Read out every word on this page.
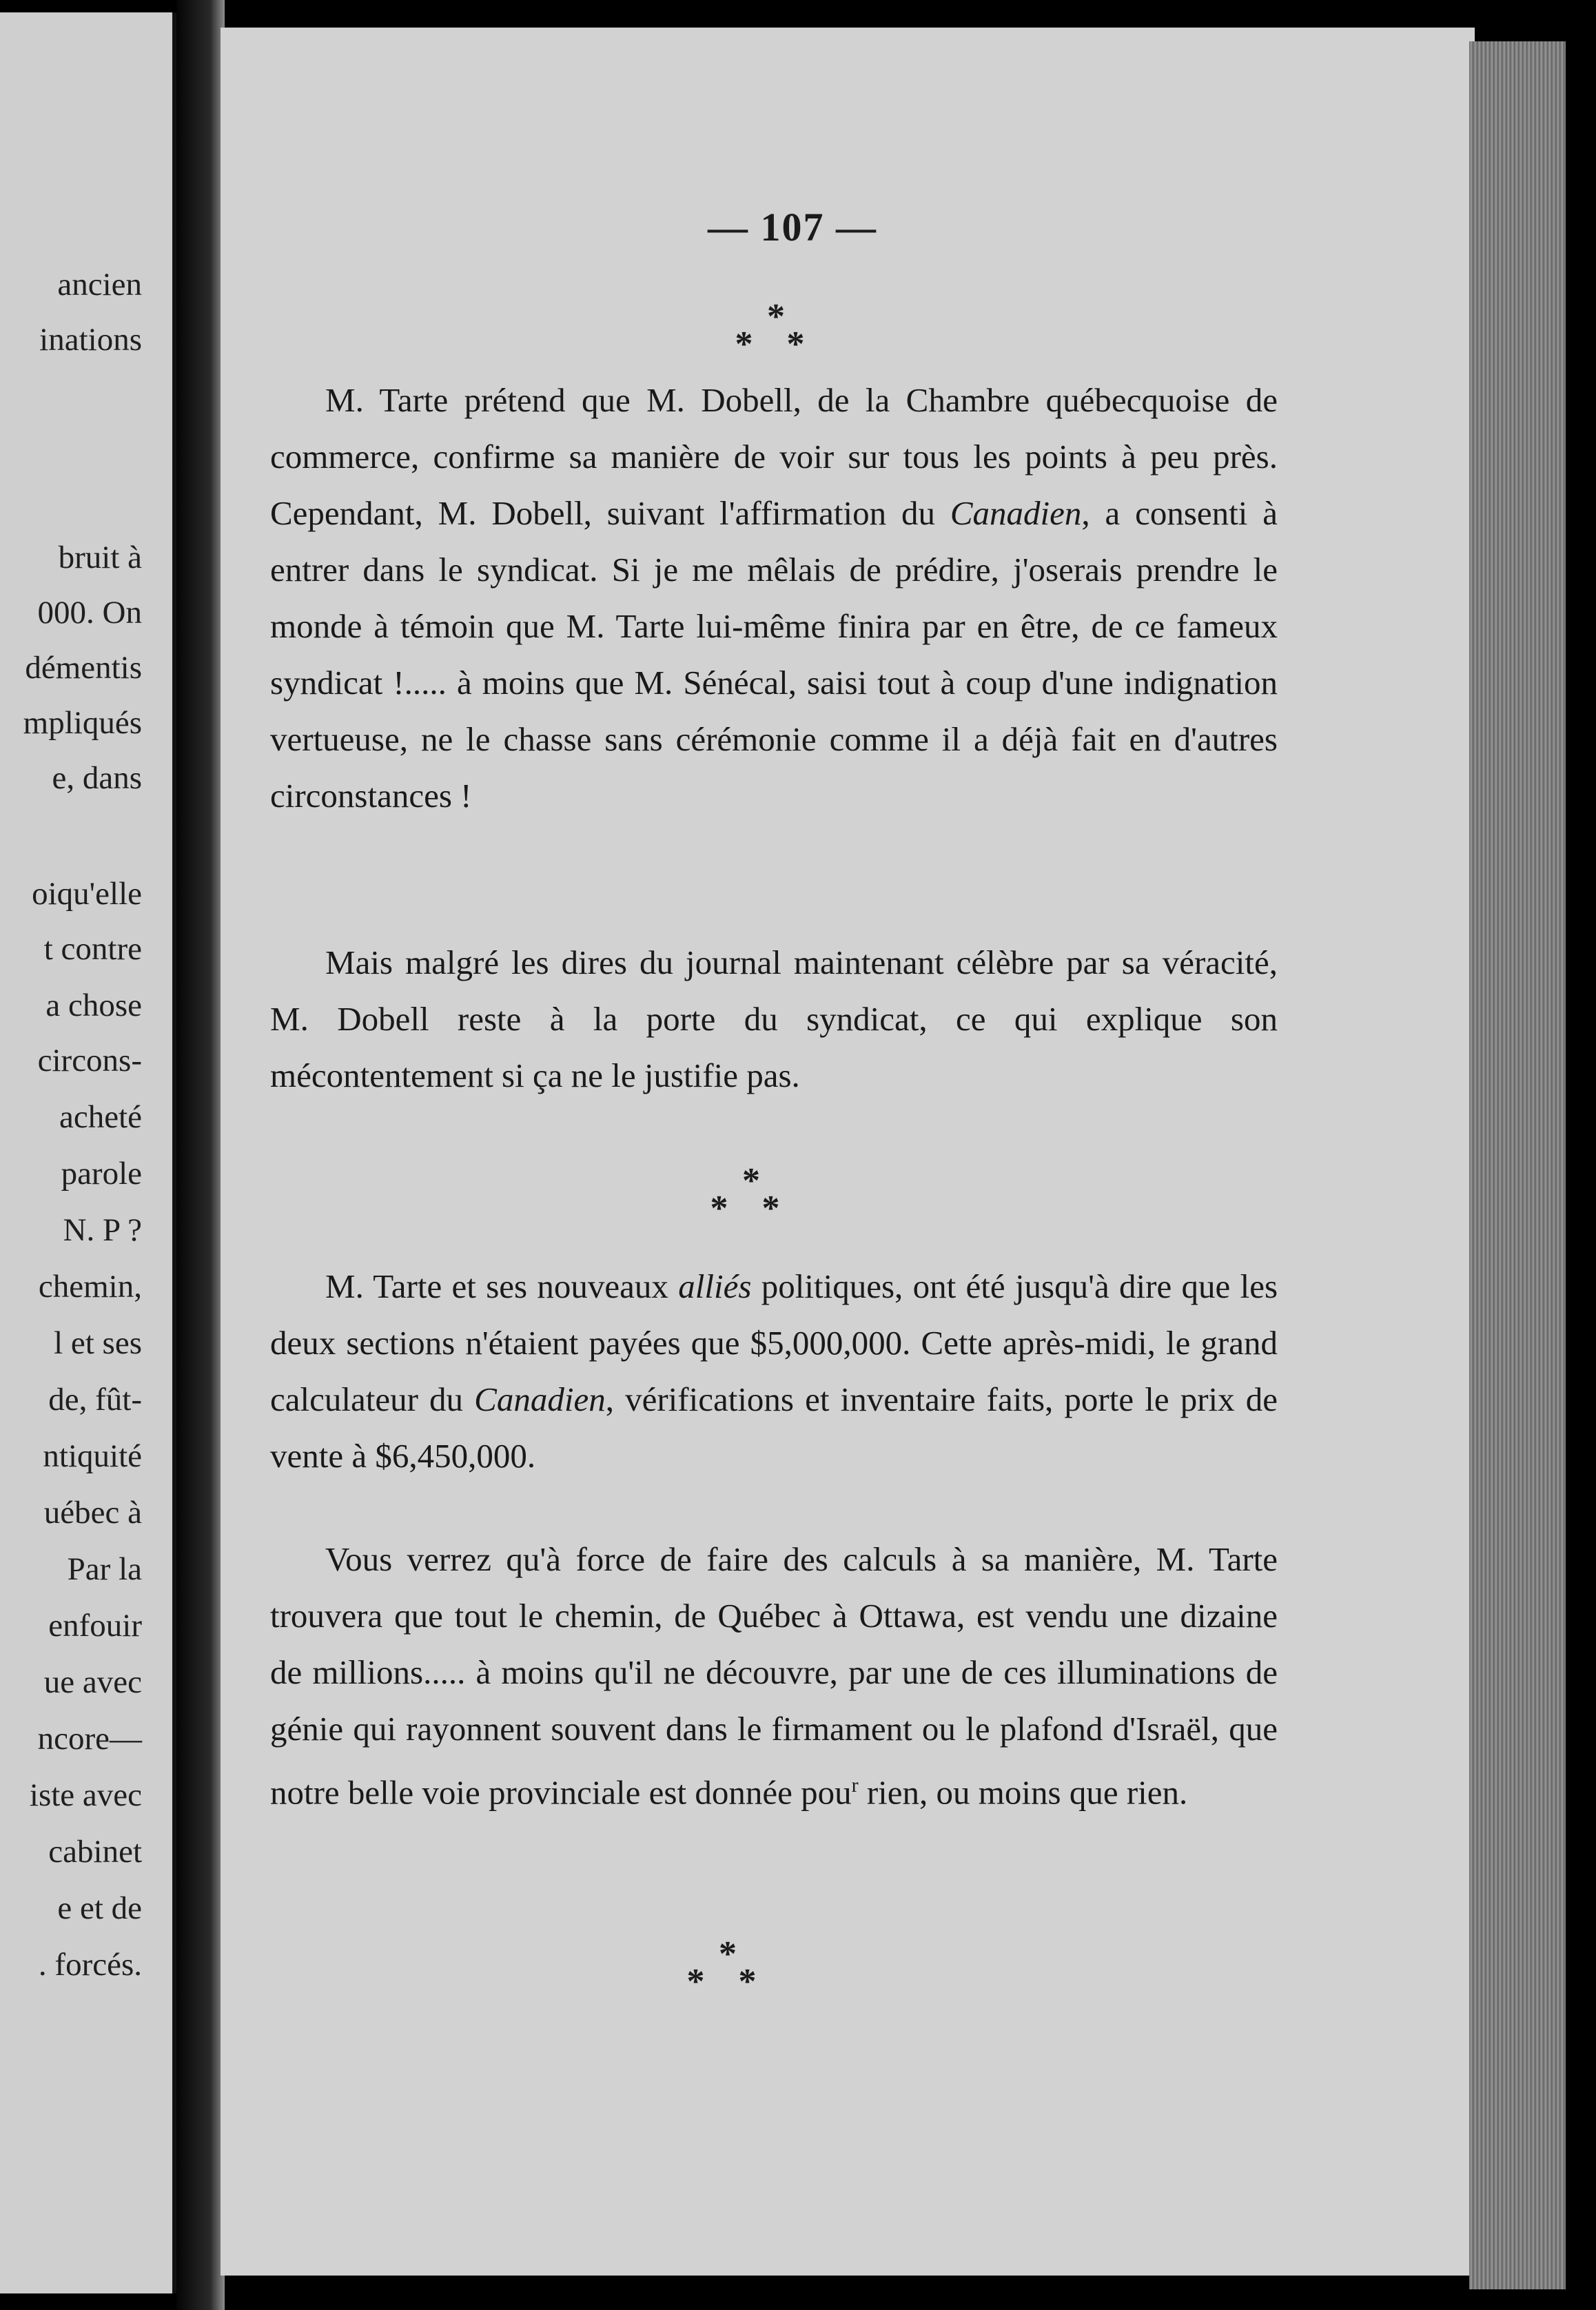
ancien
inations
bruit à
000. On
démentis
mpliqués
e, dans
oiqu'elle
t contre
a chose
circons-
acheté
parole
N. P ?
chemin,
l et ses
de, fût-
ntiquité
uébec à
Par la
enfouir
ue avec
ncore—
iste avec
cabinet
e et de
. forcés.
— 107 —
*
* *

M. Tarte prétend que M. Dobell, de la Chambre québecquoise de commerce, confirme sa manière de voir sur tous les points à peu près. Cependant, M. Dobell, suivant l'affirmation du Canadien, a consenti à entrer dans le syndicat. Si je me mêlais de prédire, j'oserais prendre le monde à témoin que M. Tarte lui-même finira par en être, de ce fameux syndicat !..... à moins que M. Sénécal, saisi tout à coup d'une indignation vertueuse, ne le chasse sans cérémonie comme il a déjà fait en d'autres circonstances !

Mais malgré les dires du journal maintenant célèbre par sa véracité, M. Dobell reste à la porte du syndicat, ce qui explique son mécontentement si ça ne le justifie pas.

*
* *

M. Tarte et ses nouveaux alliés politiques, ont été jusqu'à dire que les deux sections n'étaient payées que $5,000,000. Cette après-midi, le grand calculateur du Canadien, vérifications et inventaire faits, porte le prix de vente à $6,450,000.

Vous verrez qu'à force de faire des calculs à sa manière, M. Tarte trouvera que tout le chemin, de Québec à Ottawa, est vendu une dizaine de millions..... à moins qu'il ne découvre, par une de ces illuminations de génie qui rayonnent souvent dans le firmament ou le plafond d'Israël, que notre belle voie provinciale est donnée pou$^r$ rien, ou moins que rien.

*
* *
